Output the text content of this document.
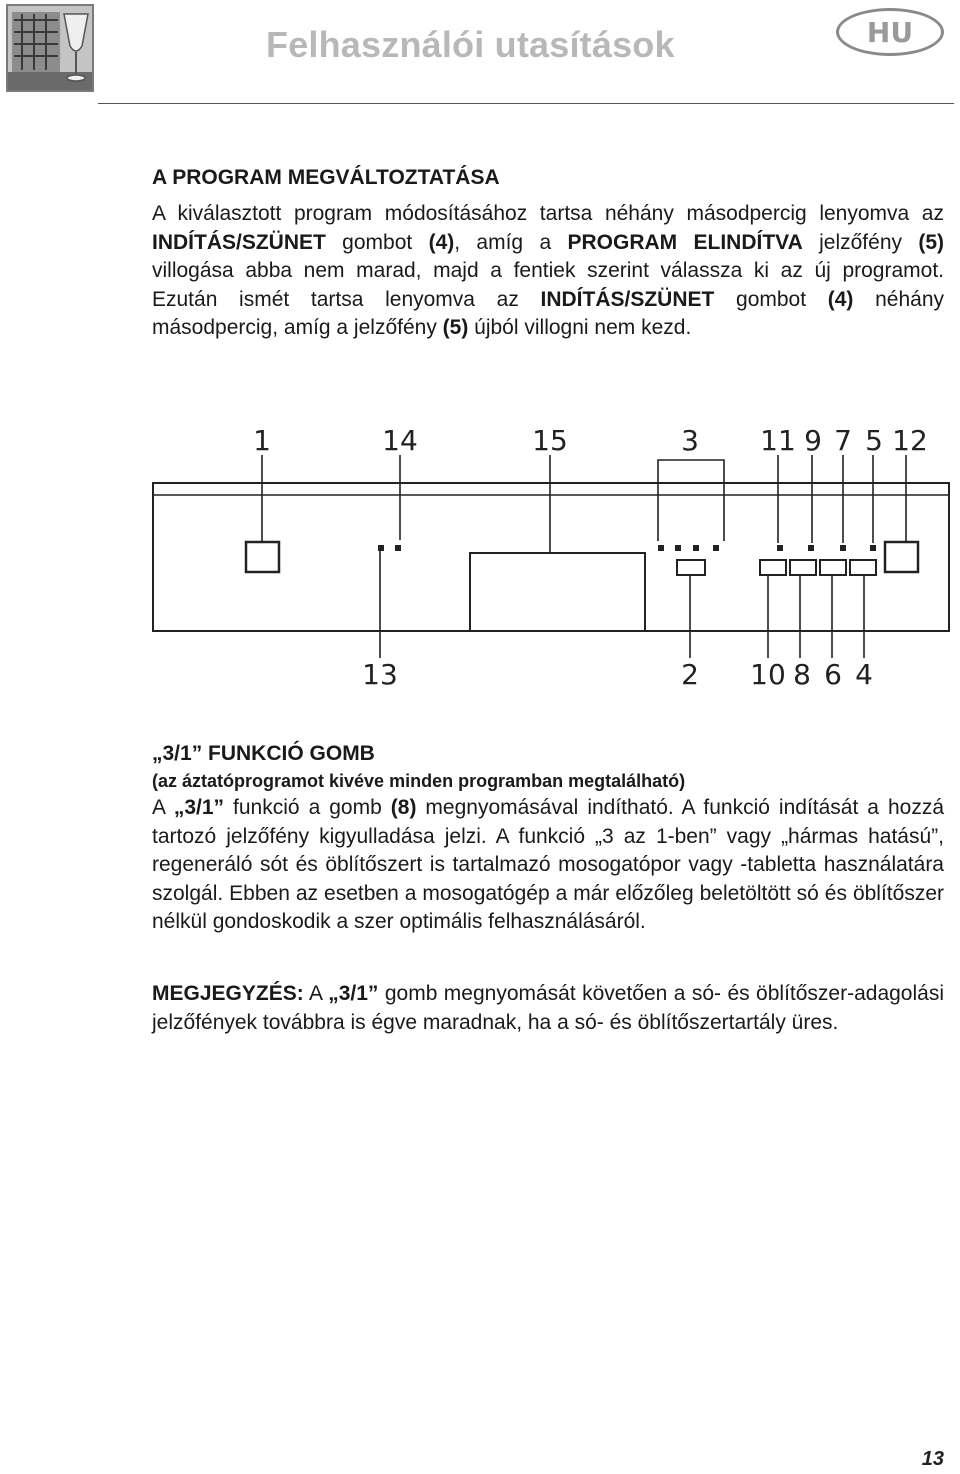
Felhasználói utasítások	HU

A PROGRAM MEGVÁLTOZTATÁSA

A kiválasztott program módosításához tartsa néhány másodpercig lenyomva az INDÍTÁS/SZÜNET gombot (4), amíg a PROGRAM ELINDÍTVA jelzőfény (5) villogása abba nem marad, majd a fentiek szerint válassza ki az új programot. Ezután ismét tartsa lenyomva az INDÍTÁS/SZÜNET gombot (4) néhány másodpercig, amíg a jelzőfény (5) újból villogni nem kezd.

1	14	15	3 11 9 7 5 12
13	2 10 8 6 4

„3/1” FUNKCIÓ GOMB

(az áztatóprogramot kivéve minden programban megtalálható)

A „3/1” funkció a gomb (8) megnyomásával indítható. A funkció indítását a hozzá tartozó jelzőfény kigyulladása jelzi. A funkció „3 az 1-ben” vagy „hármas hatású”, regeneráló sót és öblítőszert is tartalmazó mosogatópor vagy -tabletta használatára szolgál. Ebben az esetben a mosogatógép a már előzőleg beletöltött só és öblítőszer nélkül gondoskodik a szer optimális felhasználásáról.

MEGJEGYZÉS: A „3/1” gomb megnyomását követően a só- és öblítőszer-adagolási jelzőfények továbbra is égve maradnak, ha a só- és öblítőszertartály üres.

13
